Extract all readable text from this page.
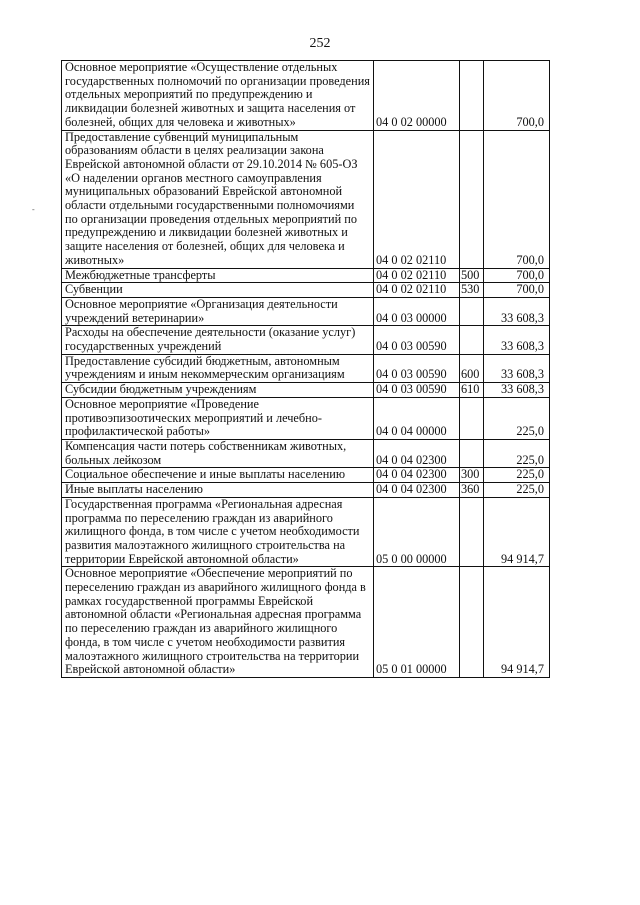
252
-
Основное мероприятие «Осуществление отдельных государственных полномочий по организации проведения отдельных мероприятий по предупреждению и ликвидации болезней животных и защита населения от болезней, общих для человека и животных»	04 0 02 00000		700,0
Предоставление субвенций муниципальным образованиям области в целях реализации закона Еврейской автономной области от 29.10.2014 № 605-ОЗ «О наделении органов местного самоуправления муниципальных образований Еврейской автономной области отдельными государственными полномочиями по организации проведения отдельных мероприятий по предупреждению и ликвидации болезней животных и защите населения от болезней, общих для человека и животных»	04 0 02 02110		700,0
Межбюджетные трансферты	04 0 02 02110	500	700,0
Субвенции	04 0 02 02110	530	700,0
Основное мероприятие «Организация деятельности учреждений ветеринарии»	04 0 03 00000		33 608,3
Расходы на обеспечение деятельности (оказание услуг) государственных учреждений	04 0 03 00590		33 608,3
Предоставление субсидий бюджетным, автономным учреждениям и иным некоммерческим организациям	04 0 03 00590	600	33 608,3
Субсидии бюджетным учреждениям	04 0 03 00590	610	33 608,3
Основное мероприятие «Проведение противоэпизоотических мероприятий и лечебно-профилактической работы»	04 0 04 00000		225,0
Компенсация части потерь собственникам животных, больных лейкозом	04 0 04 02300		225,0
Социальное обеспечение и иные выплаты населению	04 0 04 02300	300	225,0
Иные выплаты населению	04 0 04 02300	360	225,0
Государственная программа «Региональная адресная программа по переселению граждан из аварийного жилищного фонда, в том числе с учетом необходимости развития малоэтажного жилищного строительства на территории Еврейской автономной области»	05 0 00 00000		94 914,7
Основное мероприятие «Обеспечение мероприятий по переселению граждан из аварийного жилищного фонда в рамках государственной программы Еврейской автономной области «Региональная адресная программа по переселению граждан из аварийного жилищного фонда, в том числе с учетом необходимости развития малоэтажного жилищного строительства на территории Еврейской автономной области»	05 0 01 00000		94 914,7
